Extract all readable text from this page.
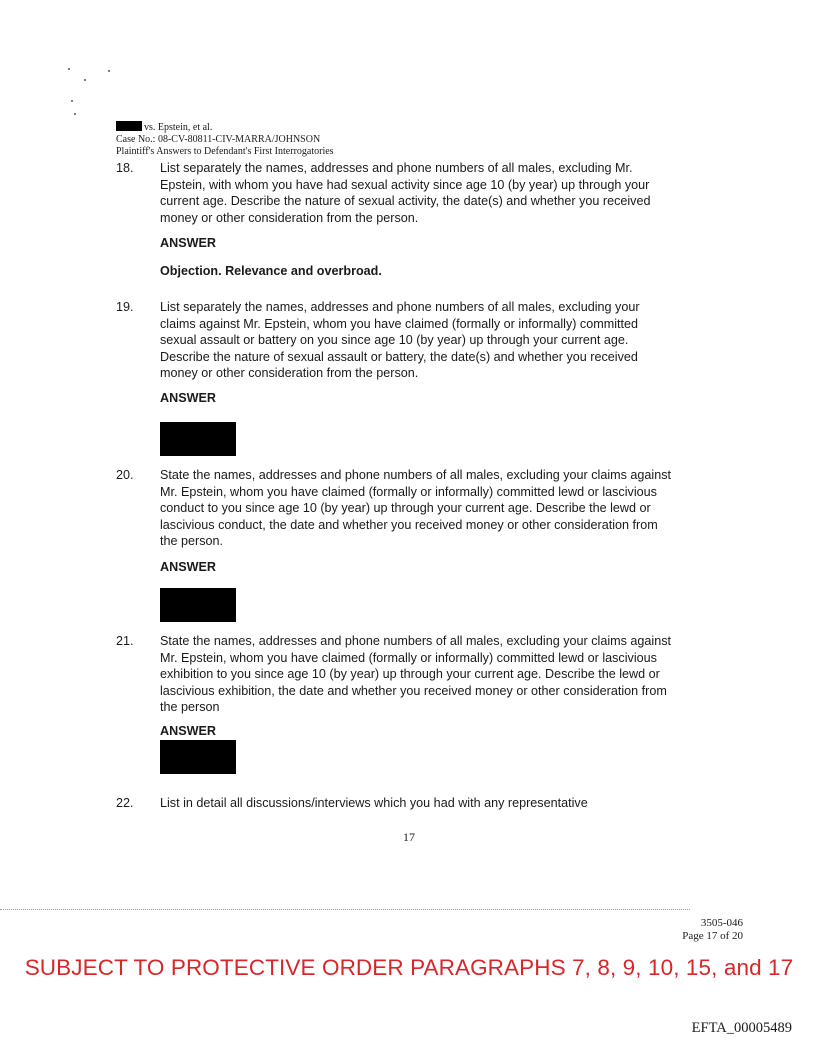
vs. Epstein, et al.
Case No.: 08-CV-80811-CIV-MARRA/JOHNSON
Plaintiff's Answers to Defendant's First Interrogatories
18. List separately the names, addresses and phone numbers of all males, excluding Mr. Epstein, with whom you have had sexual activity since age 10 (by year) up through your current age. Describe the nature of sexual activity, the date(s) and whether you received money or other consideration from the person.
ANSWER
Objection. Relevance and overbroad.
19. List separately the names, addresses and phone numbers of all males, excluding your claims against Mr. Epstein, whom you have claimed (formally or informally) committed sexual assault or battery on you since age 10 (by year) up through your current age. Describe the nature of sexual assault or battery, the date(s) and whether you received money or other consideration from the person.
ANSWER
20. State the names, addresses and phone numbers of all males, excluding your claims against Mr. Epstein, whom you have claimed (formally or informally) committed lewd or lascivious conduct to you since age 10 (by year) up through your current age. Describe the lewd or lascivious conduct, the date and whether you received money or other consideration from the person.
ANSWER
21. State the names, addresses and phone numbers of all males, excluding your claims against Mr. Epstein, whom you have claimed (formally or informally) committed lewd or lascivious exhibition to you since age 10 (by year) up through your current age. Describe the lewd or lascivious exhibition, the date and whether you received money or other consideration from the person
ANSWER
22. List in detail all discussions/interviews which you had with any representative
17
3505-046
Page 17 of 20
SUBJECT TO PROTECTIVE ORDER PARAGRAPHS 7, 8, 9, 10, 15, and 17
EFTA_00005489
